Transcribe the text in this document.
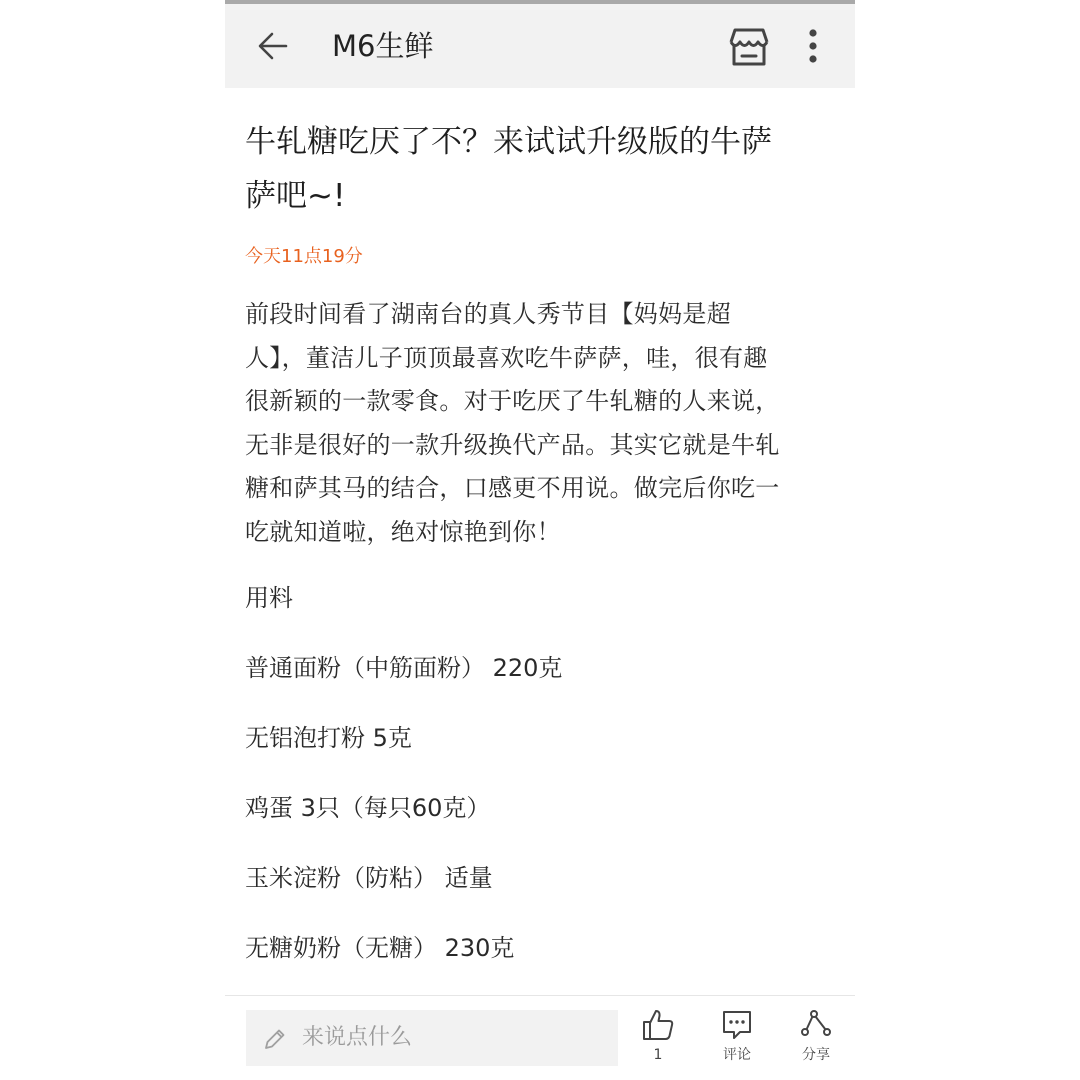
M6生鲜
牛轧糖吃厌了不？来试试升级版的牛萨
萨吧~!
今天11点19分
前段时间看了湖南台的真人秀节目【妈妈是超
人】，董洁儿子顶顶最喜欢吃牛萨萨，哇，很有趣
很新颖的一款零食。对于吃厌了牛轧糖的人来说，
无非是很好的一款升级换代产品。其实它就是牛轧
糖和萨其马的结合，口感更不用说。做完后你吃一
吃就知道啦，绝对惊艳到你！
用料
普通面粉（中筋面粉） 220克
无铝泡打粉 5克
鸡蛋 3只（每只60克）
玉米淀粉（防粘） 适量
无糖奶粉（无糖） 230克
来说点什么
1	评论	分享
